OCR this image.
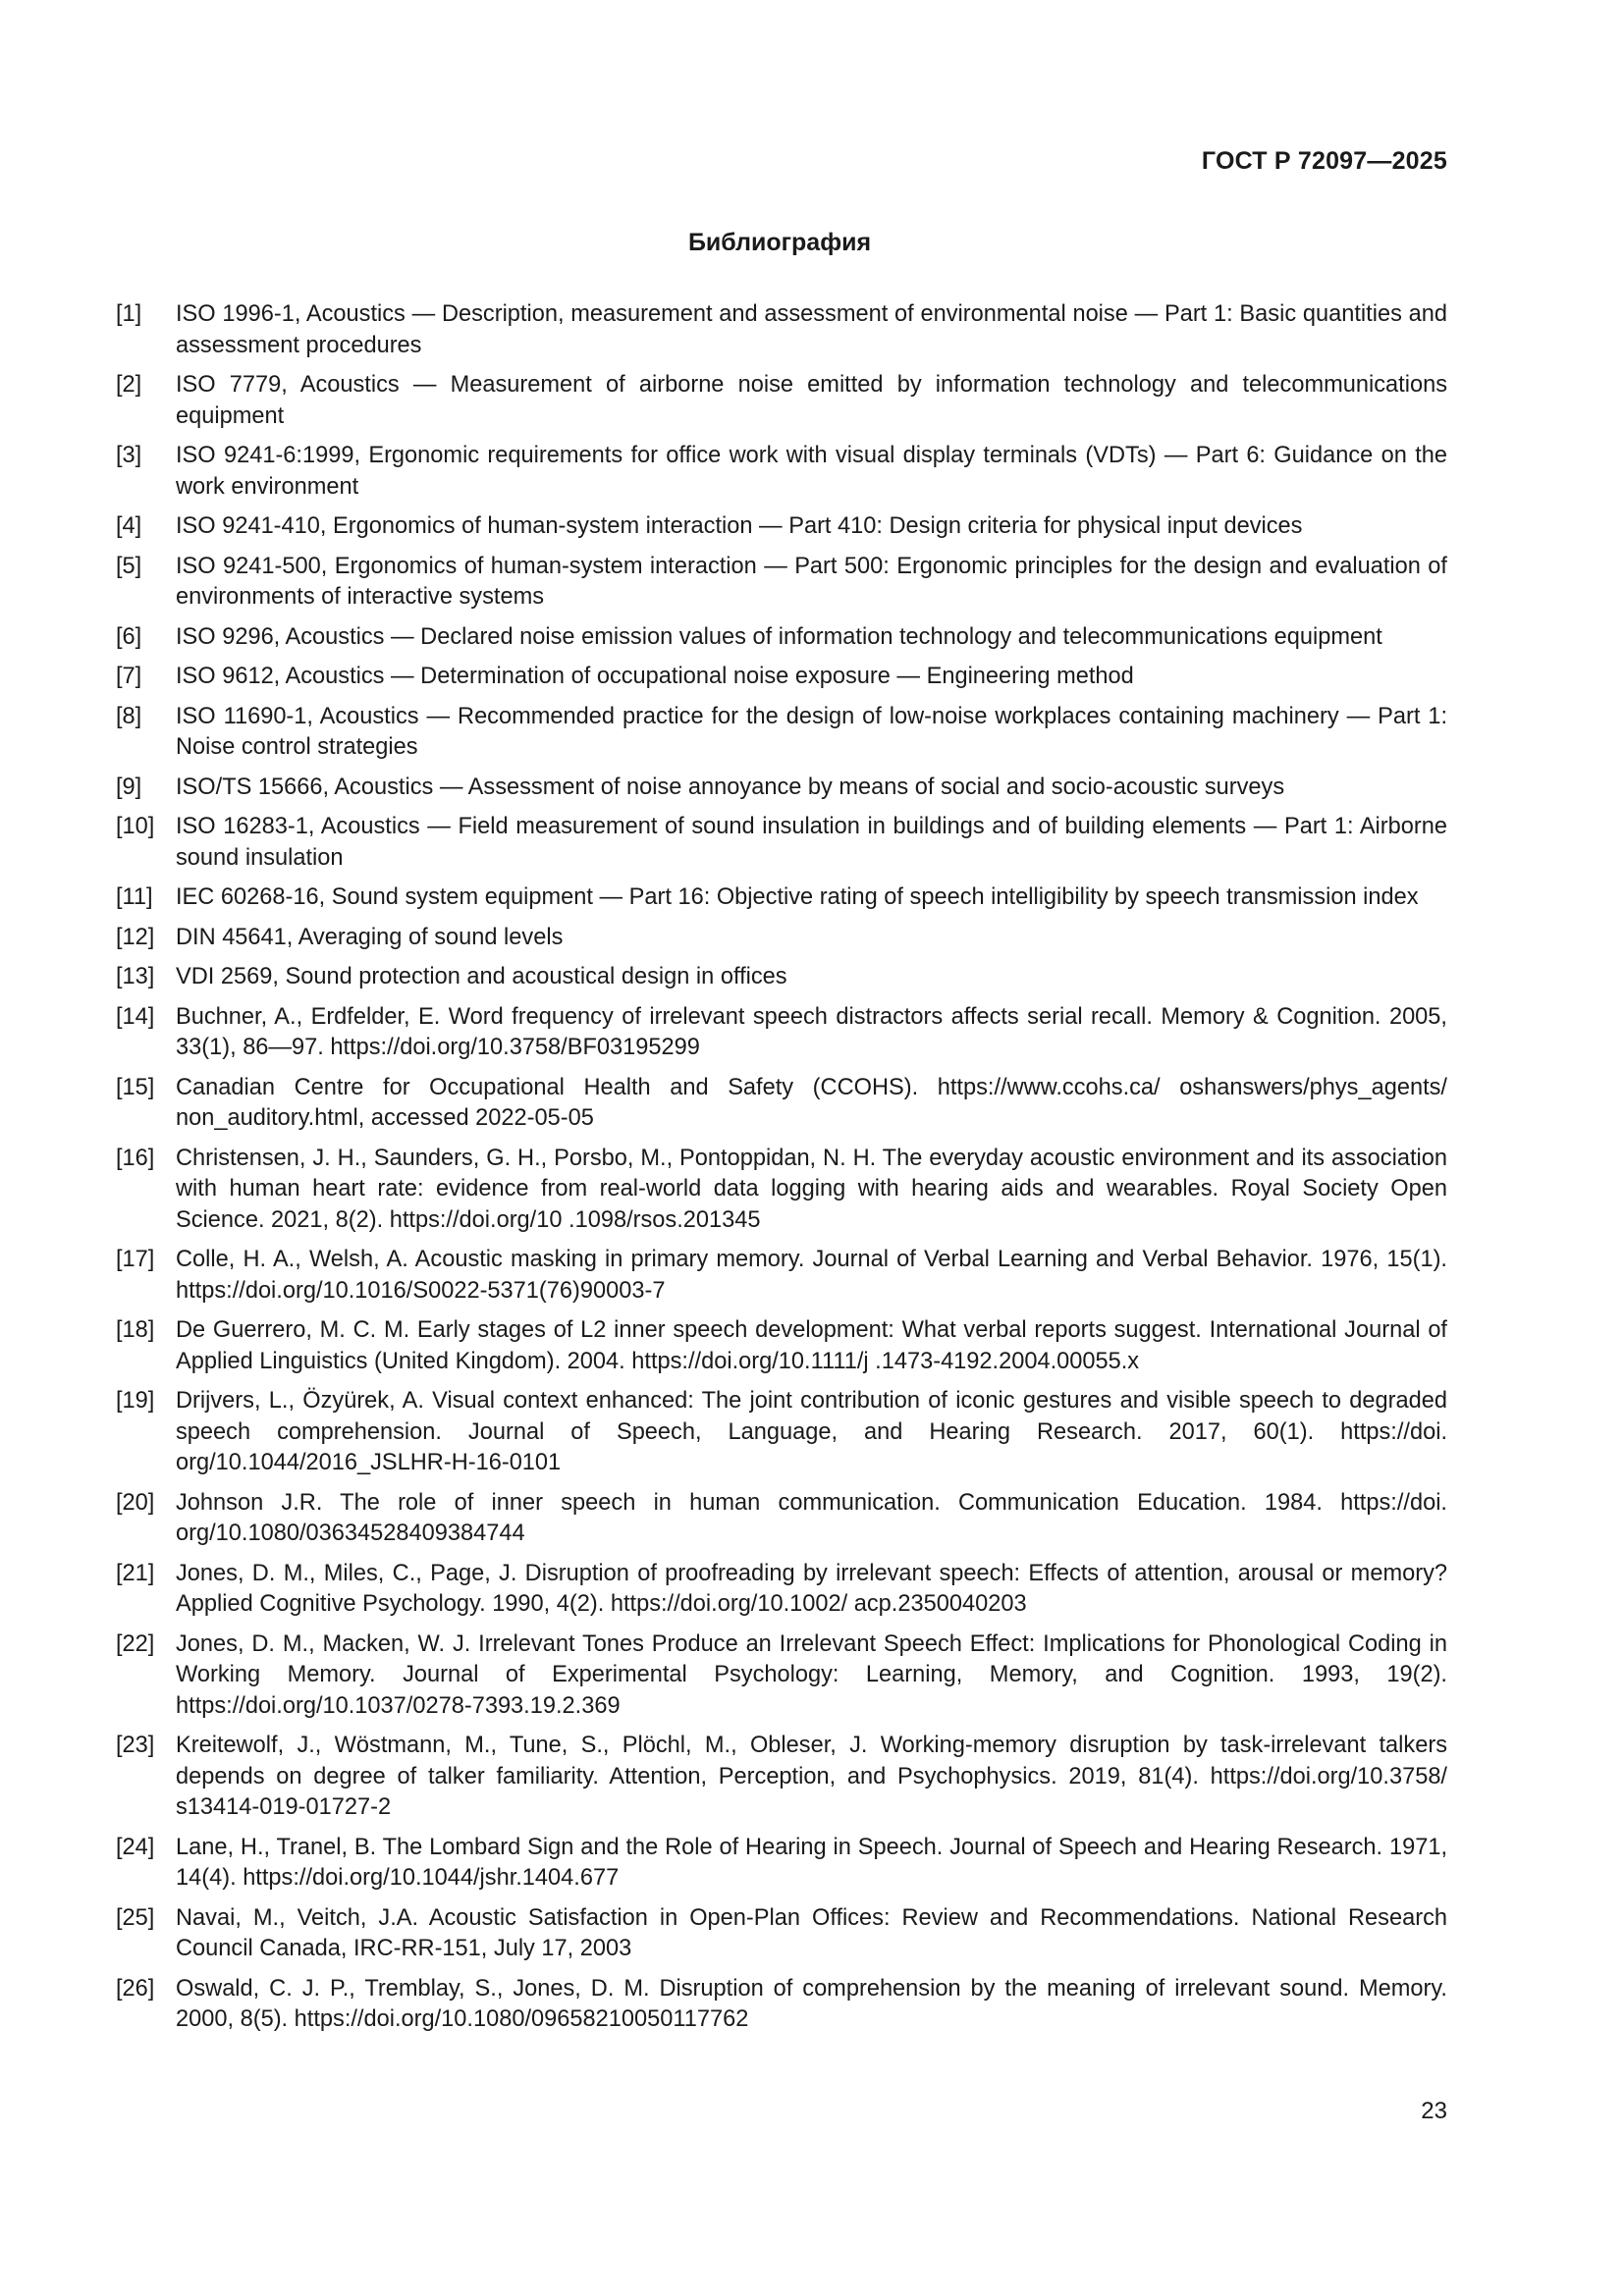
ГОСТ Р 72097—2025
Библиография
[1]	ISO 1996-1, Acoustics — Description, measurement and assessment of environmental noise — Part 1: Basic quantities and assessment procedures
[2]	ISO 7779, Acoustics — Measurement of airborne noise emitted by information technology and telecommunications equipment
[3]	ISO 9241-6:1999, Ergonomic requirements for office work with visual display terminals (VDTs) — Part 6: Guidance on the work environment
[4]	ISO 9241-410, Ergonomics of human-system interaction — Part 410: Design criteria for physical input devices
[5]	ISO 9241-500, Ergonomics of human-system interaction — Part 500: Ergonomic principles for the design and evaluation of environments of interactive systems
[6]	ISO 9296, Acoustics — Declared noise emission values of information technology and telecommunications equipment
[7]	ISO 9612, Acoustics — Determination of occupational noise exposure — Engineering method
[8]	ISO 11690-1, Acoustics — Recommended practice for the design of low-noise workplaces containing machinery — Part 1: Noise control strategies
[9]	ISO/TS 15666, Acoustics — Assessment of noise annoyance by means of social and socio-acoustic surveys
[10] ISO 16283-1, Acoustics — Field measurement of sound insulation in buildings and of building elements — Part 1: Airborne sound insulation
[11] IEC 60268-16, Sound system equipment — Part 16: Objective rating of speech intelligibility by speech transmission index
[12] DIN 45641, Averaging of sound levels
[13] VDI 2569, Sound protection and acoustical design in offices
[14] Buchner, A., Erdfelder, E. Word frequency of irrelevant speech distractors affects serial recall. Memory & Cognition. 2005, 33(1), 86—97. https://doi.org/10.3758/BF03195299
[15] Canadian Centre for Occupational Health and Safety (CCOHS). https://www.ccohs.ca/ oshanswers/phys_agents/ non_auditory.html, accessed 2022-05-05
[16] Christensen, J. H., Saunders, G. H., Porsbo, M., Pontoppidan, N. H. The everyday acoustic environment and its association with human heart rate: evidence from real-world data logging with hearing aids and wearables. Royal Society Open Science. 2021, 8(2). https://doi.org/10 .1098/rsos.201345
[17] Colle, H. A., Welsh, A. Acoustic masking in primary memory. Journal of Verbal Learning and Verbal Behavior. 1976, 15(1). https://doi.org/10.1016/S0022-5371(76)90003-7
[18] De Guerrero, M. C. M. Early stages of L2 inner speech development: What verbal reports suggest. International Journal of Applied Linguistics (United Kingdom). 2004. https://doi.org/10.1111/j .1473-4192.2004.00055.x
[19] Drijvers, L., Özyürek, A. Visual context enhanced: The joint contribution of iconic gestures and visible speech to degraded speech comprehension. Journal of Speech, Language, and Hearing Research. 2017, 60(1). https://doi. org/10.1044/2016_JSLHR-H-16-0101
[20] Johnson J.R. The role of inner speech in human communication. Communication Education. 1984. https://doi. org/10.1080/03634528409384744
[21] Jones, D. M., Miles, C., Page, J. Disruption of proofreading by irrelevant speech: Effects of attention, arousal or memory? Applied Cognitive Psychology. 1990, 4(2). https://doi.org/10.1002/ acp.2350040203
[22] Jones, D. M., Macken, W. J. Irrelevant Tones Produce an Irrelevant Speech Effect: Implications for Phonological Coding in Working Memory. Journal of Experimental Psychology: Learning, Memory, and Cognition. 1993, 19(2). https://doi.org/10.1037/0278-7393.19.2.369
[23] Kreitewolf, J., Wöstmann, M., Tune, S., Plöchl, M., Obleser, J. Working-memory disruption by task-irrelevant talkers depends on degree of talker familiarity. Attention, Perception, and Psychophysics. 2019, 81(4). https://doi.org/10.3758/ s13414-019-01727-2
[24] Lane, H., Tranel, B. The Lombard Sign and the Role of Hearing in Speech. Journal of Speech and Hearing Research. 1971, 14(4). https://doi.org/10.1044/jshr.1404.677
[25] Navai, M., Veitch, J.A. Acoustic Satisfaction in Open-Plan Offices: Review and Recommendations. National Research Council Canada, IRC-RR-151, July 17, 2003
[26] Oswald, C. J. P., Tremblay, S., Jones, D. M. Disruption of comprehension by the meaning of irrelevant sound. Memory. 2000, 8(5). https://doi.org/10.1080/09658210050117762
23
